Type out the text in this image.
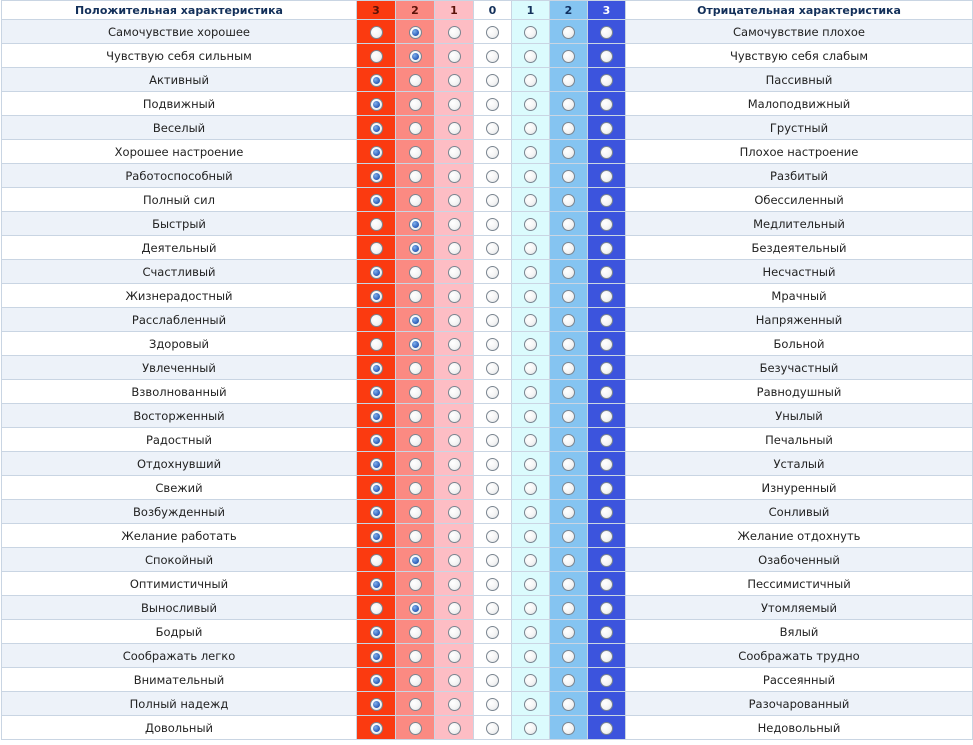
Положительная характеристика	3	2	1	0	1	2	3	Отрицательная характеристика
Самочувствие хорошее								Самочувствие плохое
Чувствую себя сильным								Чувствую себя слабым
Активный								Пассивный
Подвижный								Малоподвижный
Веселый								Грустный
Хорошее настроение								Плохое настроение
Работоспособный								Разбитый
Полный сил								Обессиленный
Быстрый								Медлительный
Деятельный								Бездеятельный
Счастливый								Несчастный
Жизнерадостный								Мрачный
Расслабленный								Напряженный
Здоровый								Больной
Увлеченный								Безучастный
Взволнованный								Равнодушный
Восторженный								Унылый
Радостный								Печальный
Отдохнувший								Усталый
Свежий								Изнуренный
Возбужденный								Сонливый
Желание работать								Желание отдохнуть
Спокойный								Озабоченный
Оптимистичный								Пессимистичный
Выносливый								Утомляемый
Бодрый								Вялый
Соображать легко								Соображать трудно
Внимательный								Рассеянный
Полный надежд								Разочарованный
Довольный								Недовольный
